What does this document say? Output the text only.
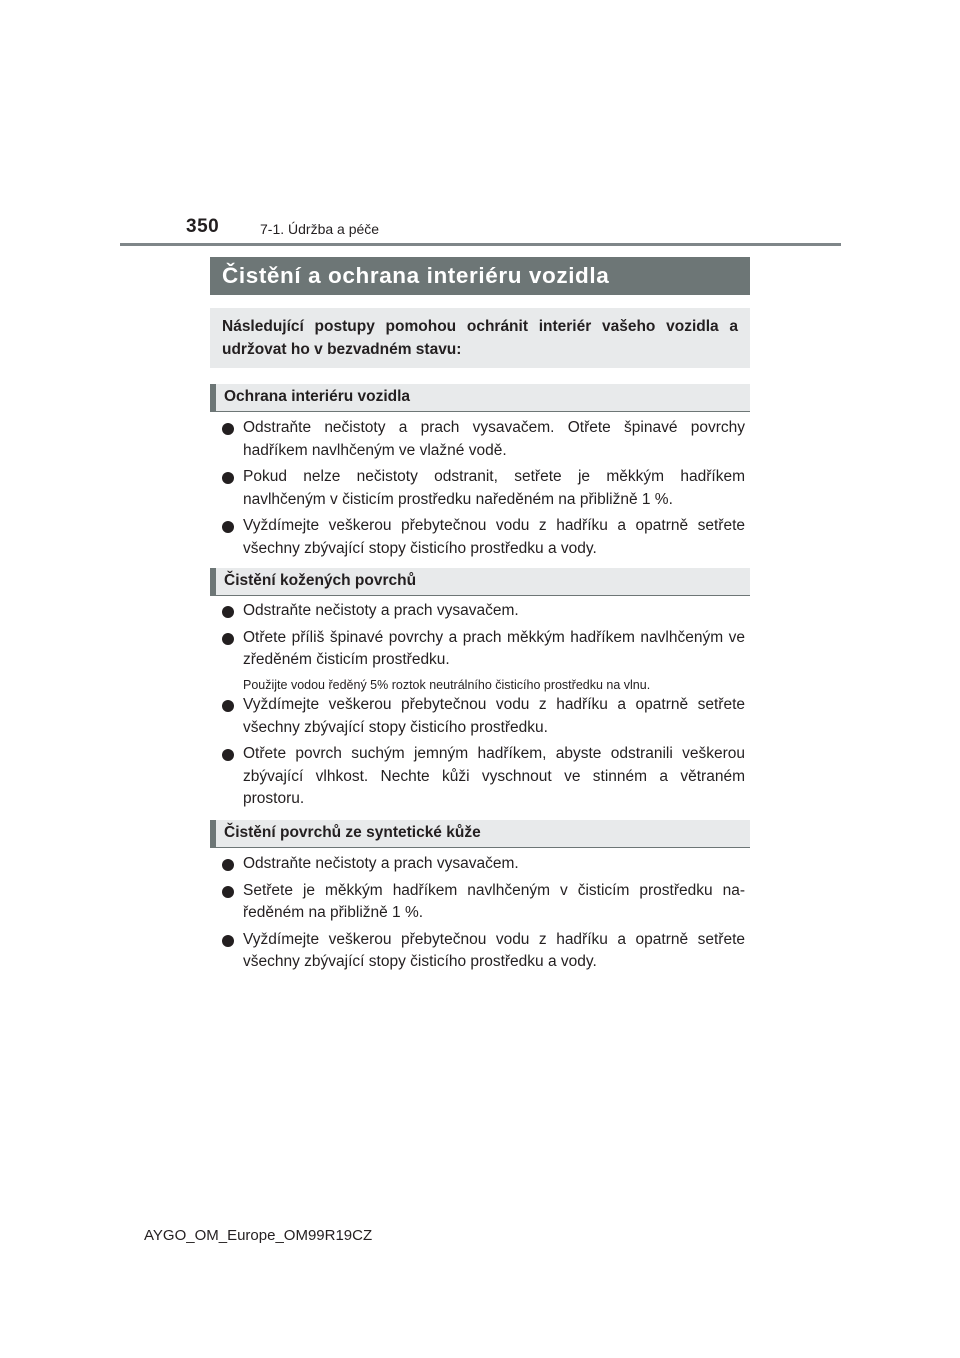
350	7-1. Údržba a péče
Čistění a ochrana interiéru vozidla
Následující postupy pomohou ochránit interiér vašeho vozidla a udržovat ho v bezvadném stavu:
Ochrana interiéru vozidla
Odstraňte nečistoty a prach vysavačem. Otřete špinavé povrchy hadříkem navlhčeným ve vlažné vodě.
Pokud nelze nečistoty odstranit, setřete je měkkým hadříkem navlhčeným v čisticím prostředku naředěném na přibližně 1 %.
Vyždímejte veškerou přebytečnou vodu z hadříku a opatrně setřete všechny zbývající stopy čisticího prostředku a vody.
Čistění kožených povrchů
Odstraňte nečistoty a prach vysavačem.
Otřete příliš špinavé povrchy a prach měkkým hadříkem navlhčeným ve zředěném čisticím prostředku.
Použijte vodou ředěný 5% roztok neutrálního čisticího prostředku na vlnu.
Vyždímejte veškerou přebytečnou vodu z hadříku a opatrně setřete všechny zbývající stopy čisticího prostředku.
Otřete povrch suchým jemným hadříkem, abyste odstranili veškerou zbývající vlhkost. Nechte kůži vyschnout ve stinném a větraném prostoru.
Čistění povrchů ze syntetické kůže
Odstraňte nečistoty a prach vysavačem.
Setřete je měkkým hadříkem navlhčeným v čisticím prostředku naředěném na přibližně 1 %.
Vyždímejte veškerou přebytečnou vodu z hadříku a opatrně setřete všechny zbývající stopy čisticího prostředku a vody.
AYGO_OM_Europe_OM99R19CZ
